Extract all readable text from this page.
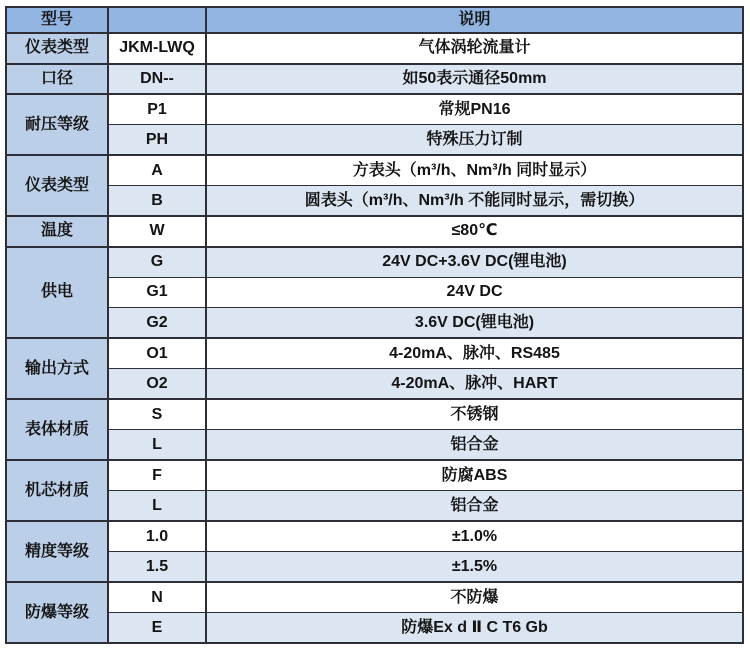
型号		说明
仪表类型	JKM-LWQ	气体涡轮流量计
口径	DN--	如50表示通径50mm
耐压等级	P1	常规PN16
	PH	特殊压力订制
仪表类型	A	方表头（m³/h、Nm³/h 同时显示）
	B	圆表头（m³/h、Nm³/h 不能同时显示，需切换）
温度	W	≤80℃
供电	G	24V DC+3.6V DC(锂电池)
	G1	24V DC
	G2	3.6V DC(锂电池)
输出方式	O1	4-20mA、脉冲、RS485
	O2	4-20mA、脉冲、HART
表体材质	S	不锈钢
	L	铝合金
机芯材质	F	防腐ABS
	L	铝合金
精度等级	1.0	±1.0%
	1.5	±1.5%
防爆等级	N	不防爆
	E	防爆Ex d Ⅱ C T6 Gb
